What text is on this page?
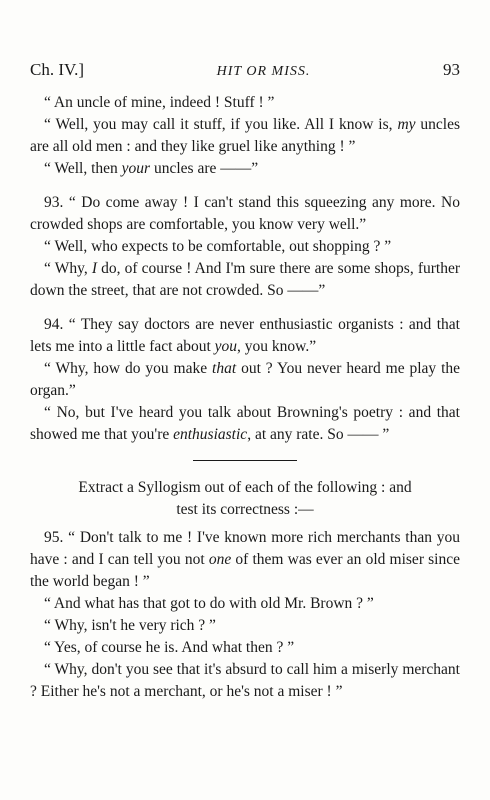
Ch. IV.]	HIT OR MISS.	93

“ An uncle of mine, indeed ! Stuff ! ”

“ Well, you may call it stuff, if you like. All I know is, my uncles are all old men : and they like gruel like anything ! ”

“ Well, then your uncles are ——”

93. “ Do come away ! I can't stand this squeezing any more. No crowded shops are comfortable, you know very well.”

“ Well, who expects to be comfortable, out shopping ? ”

“ Why, I do, of course ! And I'm sure there are some shops, further down the street, that are not crowded. So ——”

94. “ They say doctors are never enthusiastic organists : and that lets me into a little fact about you, you know.”

“ Why, how do you make that out ? You never heard me play the organ.”

“ No, but I've heard you talk about Browning's poetry : and that showed me that you're enthusiastic, at any rate. So —— ”

Extract a Syllogism out of each of the following : and

test its correctness :—

95. “ Don't talk to me ! I've known more rich merchants than you have : and I can tell you not one of them was ever an old miser since the world began ! ”

“ And what has that got to do with old Mr. Brown ? ”

“ Why, isn't he very rich ? ”

“ Yes, of course he is. And what then ? ”

“ Why, don't you see that it's absurd to call him a miserly merchant ? Either he's not a merchant, or he's not a miser ! ”
